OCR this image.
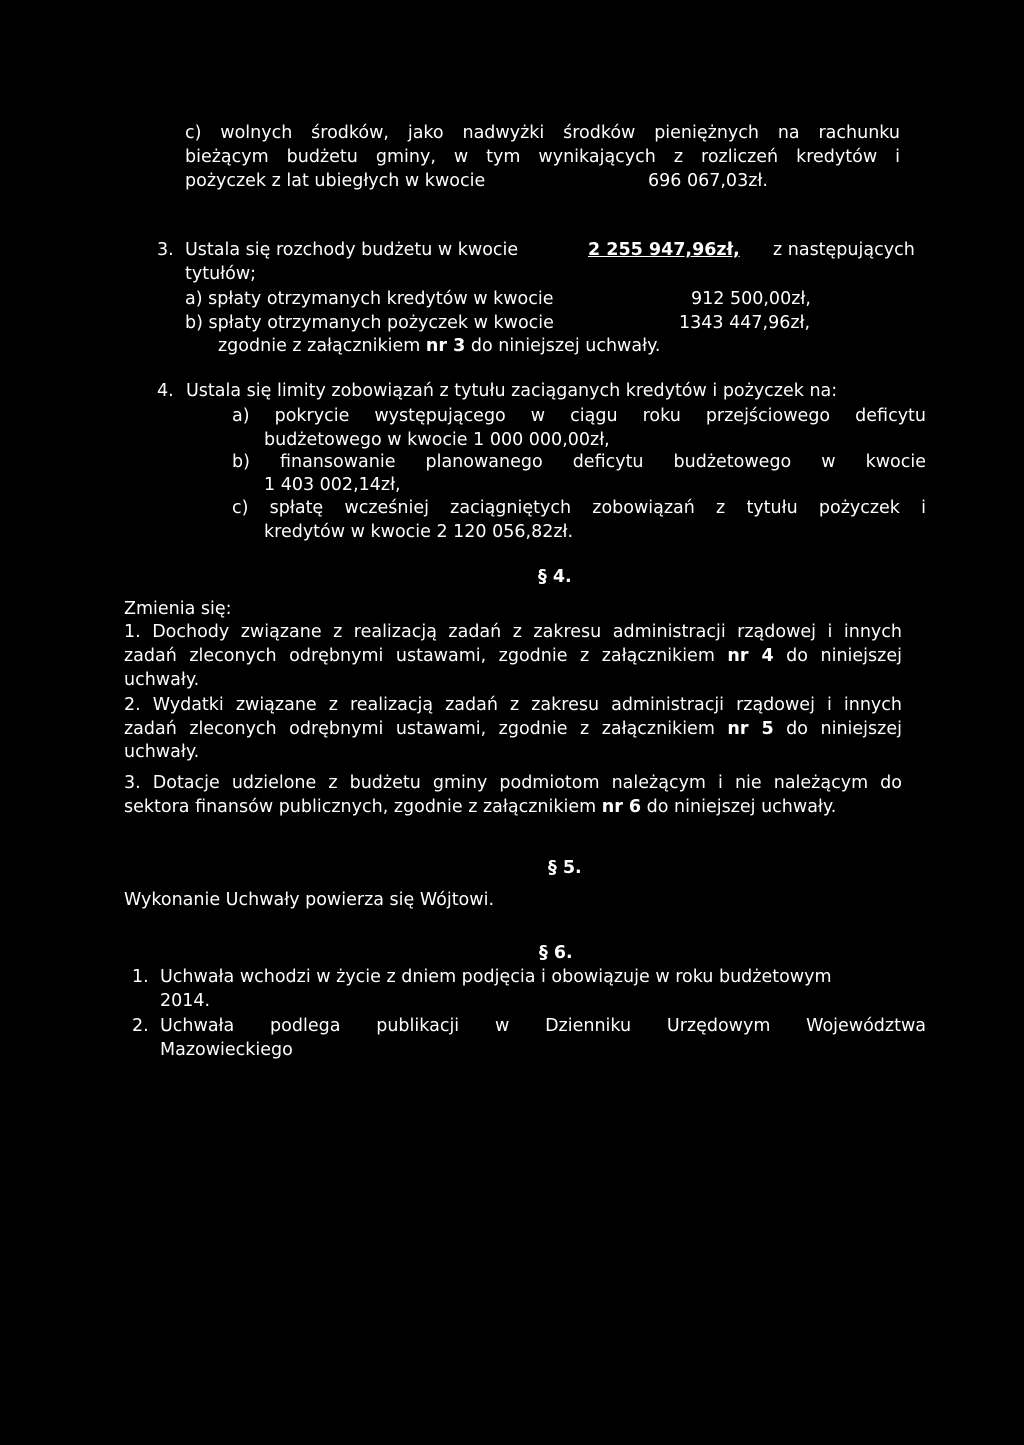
c) wolnych środków, jako nadwyżki środków pieniężnych na rachunku
bieżącym budżetu gminy, w tym wynikających z rozliczeń kredytów i
pożyczek z lat ubiegłych w kwocie	696 067,03zł.
3. Ustala się rozchody budżetu w kwocie	2 255 947,96zł, z następujących
tytułów;
a) spłaty otrzymanych kredytów w kwocie	912 500,00zł,
b) spłaty otrzymanych pożyczek w kwocie	1343 447,96zł,
zgodnie z załącznikiem nr 3 do niniejszej uchwały.
4. Ustala się limity zobowiązań z tytułu zaciąganych kredytów i pożyczek na:
a) pokrycie występującego w ciągu roku przejściowego deficytu
budżetowego w kwocie 1 000 000,00zł,
b) finansowanie planowanego deficytu budżetowego w kwocie
1 403 002,14zł,
c) spłatę wcześniej zaciągniętych zobowiązań z tytułu pożyczek i
kredytów w kwocie 2 120 056,82zł.
§ 4.
Zmienia się:
1. Dochody związane z realizacją zadań z zakresu administracji rządowej i innych
zadań zleconych odrębnymi ustawami, zgodnie z załącznikiem nr 4 do niniejszej
uchwały.
2. Wydatki związane z realizacją zadań z zakresu administracji rządowej i innych
zadań zleconych odrębnymi ustawami, zgodnie z załącznikiem nr 5 do niniejszej
uchwały.
3. Dotacje udzielone z budżetu gminy podmiotom należącym i nie należącym do
sektora finansów publicznych, zgodnie z załącznikiem nr 6 do niniejszej uchwały.
§ 5.
Wykonanie Uchwały powierza się Wójtowi.
§ 6.
1. Uchwała wchodzi w życie z dniem podjęcia i obowiązuje w roku budżetowym
2014.
2. Uchwała podlega publikacji w Dzienniku Urzędowym Województwa
Mazowieckiego
